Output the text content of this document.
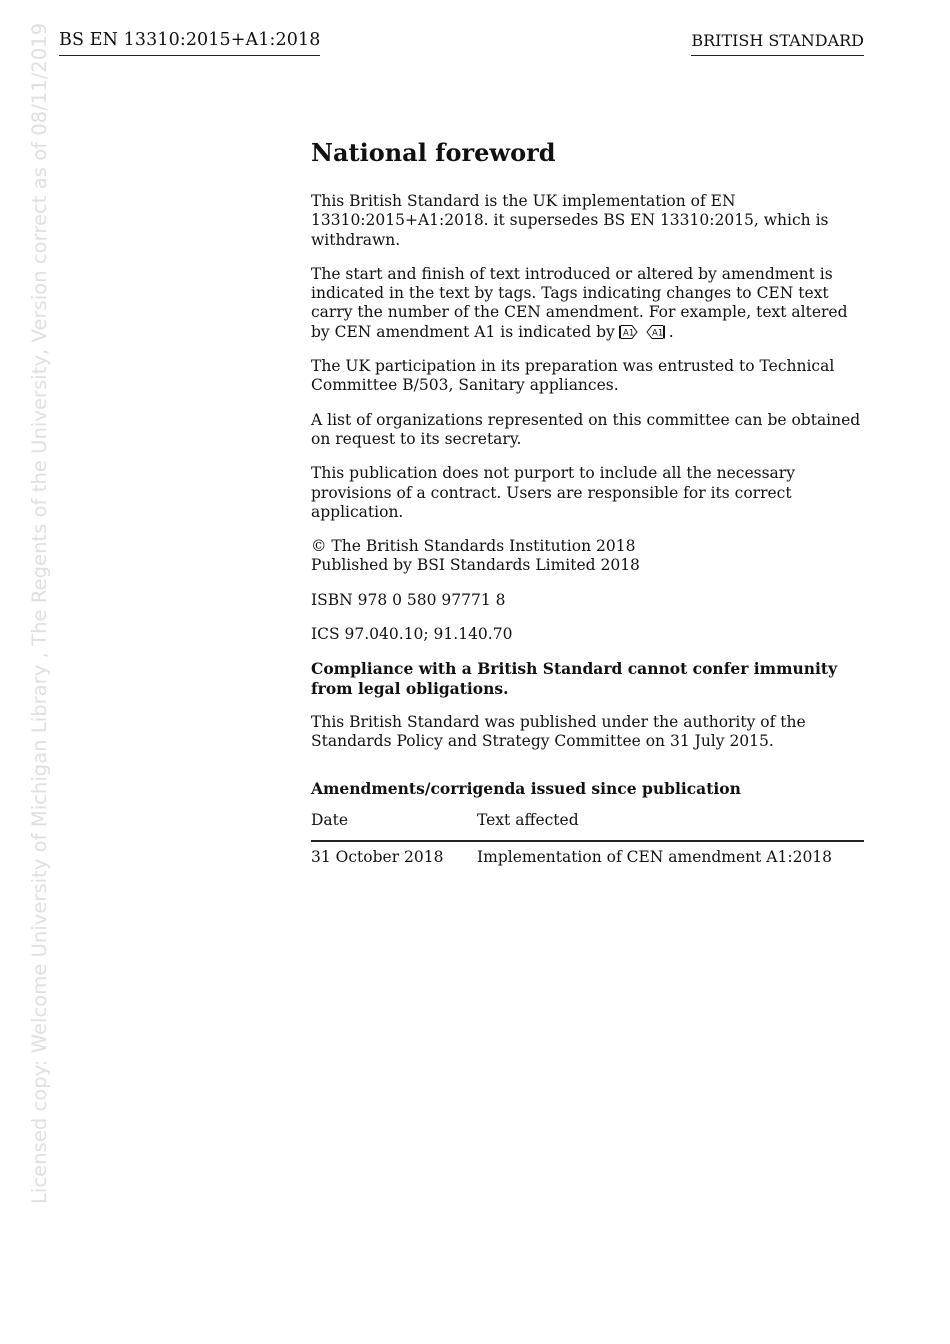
BS EN 13310:2015+A1:2018	BRITISH STANDARD
Licensed copy: Welcome University of Michigan Library , The Regents of the University, Version correct as of 08/11/2019	National foreword

This British Standard is the UK implementation of EN 13310:2015+A1:2018. it supersedes BS EN 13310:2015, which is withdrawn.

The start and finish of text introduced or altered by amendment is indicated in the text by tags. Tags indicating changes to CEN text carry the number of the CEN amendment. For example, text altered by CEN amendment A1 is indicated by A1 A1 .

The UK participation in its preparation was entrusted to Technical Committee B/503, Sanitary appliances.

A list of organizations represented on this committee can be obtained on request to its secretary.

This publication does not purport to include all the necessary provisions of a contract. Users are responsible for its correct application.

© The British Standards Institution 2018
Published by BSI Standards Limited 2018

ISBN 978 0 580 97771 8

ICS 97.040.10; 91.140.70

Compliance with a British Standard cannot confer immunity from legal obligations.

This British Standard was published under the authority of the Standards Policy and Strategy Committee on 31 July 2015.

Amendments/corrigenda issued since publication

Date	Text affected
31 October 2018	Implementation of CEN amendment A1:2018
